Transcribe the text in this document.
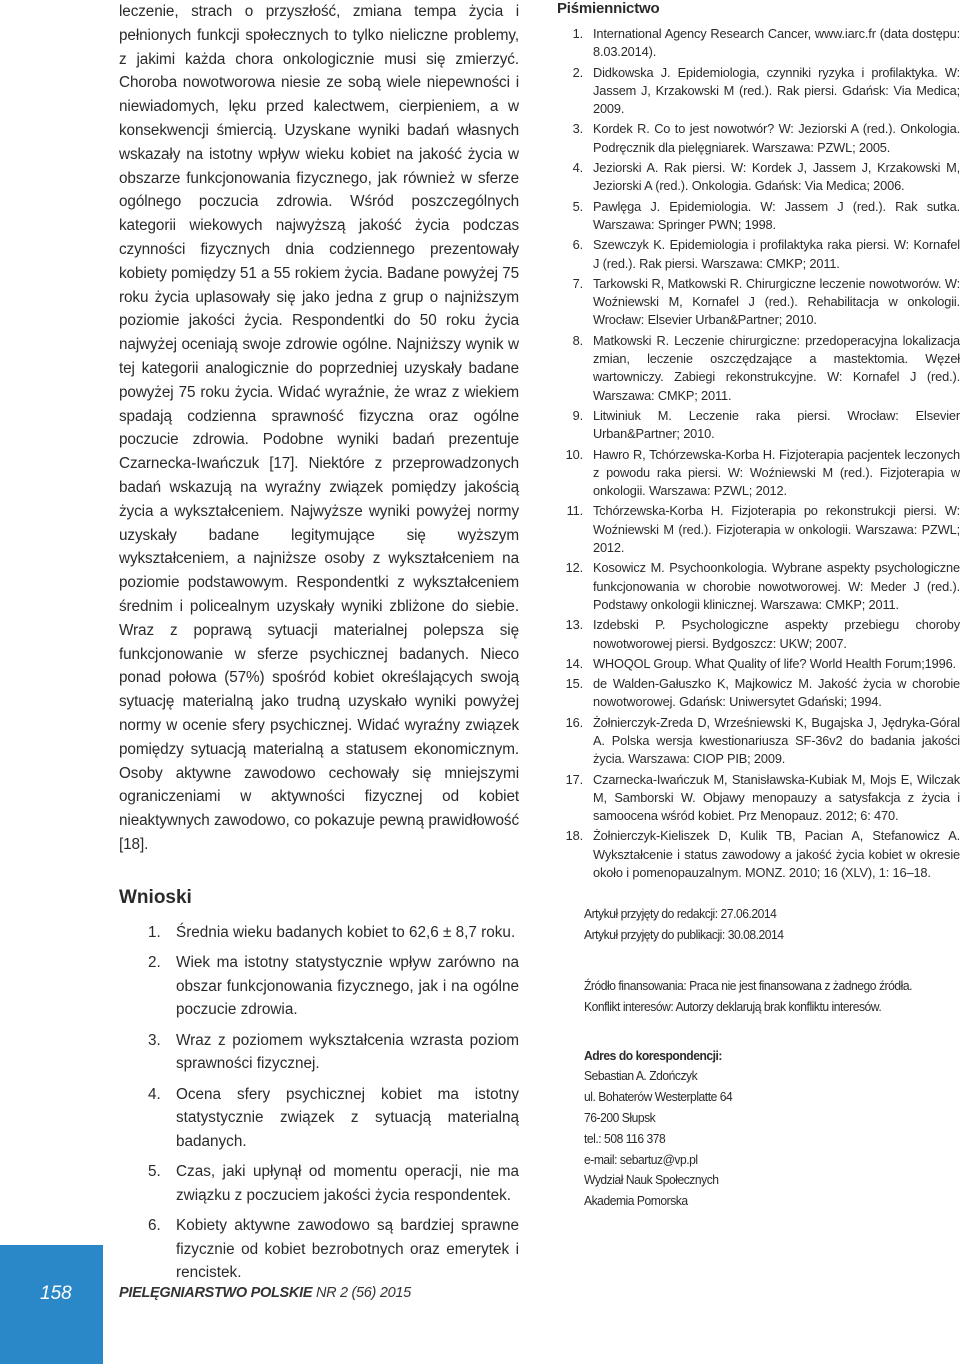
leczenie, strach o przyszłość, zmiana tempa życia i pełnionych funkcji społecznych to tylko nieliczne problemy, z jakimi każda chora onkologicznie musi się zmierzyć. Choroba nowotworowa niesie ze sobą wiele niepewności i niewiadomych, lęku przed kalectwem, cierpieniem, a w konsekwencji śmiercią. Uzyskane wyniki badań własnych wskazały na istotny wpływ wieku kobiet na jakość życia w obszarze funkcjonowania fizycznego, jak również w sferze ogólnego poczucia zdrowia. Wśród poszczególnych kategorii wiekowych najwyższą jakość życia podczas czynności fizycznych dnia codziennego prezentowały kobiety pomiędzy 51 a 55 rokiem życia. Badane powyżej 75 roku życia uplasowały się jako jedna z grup o najniższym poziomie jakości życia. Respondentki do 50 roku życia najwyżej oceniają swoje zdrowie ogólne. Najniższy wynik w tej kategorii analogicznie do poprzedniej uzyskały badane powyżej 75 roku życia. Widać wyraźnie, że wraz z wiekiem spadają codzienna sprawność fizyczna oraz ogólne poczucie zdrowia. Podobne wyniki badań prezentuje Czarnecka-Iwańczuk [17]. Niektóre z przeprowadzonych badań wskazują na wyraźny związek pomiędzy jakością życia a wykształceniem. Najwyższe wyniki powyżej normy uzyskały badane legitymujące się wyższym wykształceniem, a najniższe osoby z wykształceniem na poziomie podstawowym. Respondentki z wykształceniem średnim i policealnym uzyskały wyniki zbliżone do siebie. Wraz z poprawą sytuacji materialnej polepsza się funkcjonowanie w sferze psychicznej badanych. Nieco ponad połowa (57%) spośród kobiet określających swoją sytuację materialną jako trudną uzyskało wyniki powyżej normy w ocenie sfery psychicznej. Widać wyraźny związek pomiędzy sytuacją materialną a statusem ekonomicznym. Osoby aktywne zawodowo cechowały się mniejszymi ograniczeniami w aktywności fizycznej od kobiet nieaktywnych zawodowo, co pokazuje pewną prawidłowość [18].

Wnioski
1. Średnia wieku badanych kobiet to 62,6 ± 8,7 roku.
2. Wiek ma istotny statystycznie wpływ zarówno na obszar funkcjonowania fizycznego, jak i na ogólne poczucie zdrowia.
3. Wraz z poziomem wykształcenia wzrasta poziom sprawności fizycznej.
4. Ocena sfery psychicznej kobiet ma istotny statystycznie związek z sytuacją materialną badanych.
5. Czas, jaki upłynął od momentu operacji, nie ma związku z poczuciem jakości życia respondentek.
6. Kobiety aktywne zawodowo są bardziej sprawne fizycznie od kobiet bezrobotnych oraz emerytek i rencistek.
Piśmiennictwo
1. International Agency Research Cancer, www.iarc.fr (data dostępu: 8.03.2014).
2. Didkowska J. Epidemiologia, czynniki ryzyka i profilaktyka. W: Jassem J, Krzakowski M (red.). Rak piersi. Gdańsk: Via Medica; 2009.
3. Kordek R. Co to jest nowotwór? W: Jeziorski A (red.). Onkologia. Podręcznik dla pielęgniarek. Warszawa: PZWL; 2005.
4. Jeziorski A. Rak piersi. W: Kordek J, Jassem J, Krzakowski M, Jeziorski A (red.). Onkologia. Gdańsk: Via Medica; 2006.
5. Pawlęga J. Epidemiologia. W: Jassem J (red.). Rak sutka. Warszawa: Springer PWN; 1998.
6. Szewczyk K. Epidemiologia i profilaktyka raka piersi. W: Kornafel J (red.). Rak piersi. Warszawa: CMKP; 2011.
7. Tarkowski R, Matkowski R. Chirurgiczne leczenie nowotworów. W: Woźniewski M, Kornafel J (red.). Rehabilitacja w onkologii. Wrocław: Elsevier Urban&Partner; 2010.
8. Matkowski R. Leczenie chirurgiczne: przedoperacyjna lokalizacja zmian, leczenie oszczędzające a mastektomia. Węzeł wartowniczy. Zabiegi rekonstrukcyjne. W: Kornafel J (red.). Warszawa: CMKP; 2011.
9. Litwiniuk M. Leczenie raka piersi. Wrocław: Elsevier Urban&Partner; 2010.
10. Hawro R, Tchórzewska-Korba H. Fizjoterapia pacjentek leczonych z powodu raka piersi. W: Woźniewski M (red.). Fizjoterapia w onkologii. Warszawa: PZWL; 2012.
11. Tchórzewska-Korba H. Fizjoterapia po rekonstrukcji piersi. W: Woźniewski M (red.). Fizjoterapia w onkologii. Warszawa: PZWL; 2012.
12. Kosowicz M. Psychoonkologia. Wybrane aspekty psychologiczne funkcjonowania w chorobie nowotworowej. W: Meder J (red.). Podstawy onkologii klinicznej. Warszawa: CMKP; 2011.
13. Izdebski P. Psychologiczne aspekty przebiegu choroby nowotworowej piersi. Bydgoszcz: UKW; 2007.
14. WHOQOL Group. What Quality of life? World Health Forum;1996.
15. de Walden-Gałuszko K, Majkowicz M. Jakość życia w chorobie nowotworowej. Gdańsk: Uniwersytet Gdański; 1994.
16. Żołnierczyk-Zreda D, Wrześniewski K, Bugajska J, Jędryka-Góral A. Polska wersja kwestionariusza SF-36v2 do badania jakości życia. Warszawa: CIOP PIB; 2009.
17. Czarnecka-Iwańczuk M, Stanisławska-Kubiak M, Mojs E, Wilczak M, Samborski W. Objawy menopauzy a satysfakcja z życia i samoocena wśród kobiet. Prz Menopauz. 2012; 6: 470.
18. Żołnierczyk-Kieliszek D, Kulik TB, Pacian A, Stefanowicz A. Wykształcenie i status zawodowy a jakość życia kobiet w okresie około i pomenopauzalnym. MONZ. 2010; 16 (XLV), 1: 16–18.

Artykuł przyjęty do redakcji: 27.06.2014

Artykuł przyjęty do publikacji: 30.08.2014

Źródło finansowania: Praca nie jest finansowana z żadnego źródła.

Konflikt interesów: Autorzy deklarują brak konfliktu interesów.

Adres do korespondencji:

Sebastian A. Zdończyk

ul. Bohaterów Westerplatte 64

76-200 Słupsk

tel.: 508 116 378

e-mail: sebartuz@vp.pl

Wydział Nauk Społecznych

Akademia Pomorska

158	PIELĘGNIARSTWO POLSKIE NR 2 (56) 2015
